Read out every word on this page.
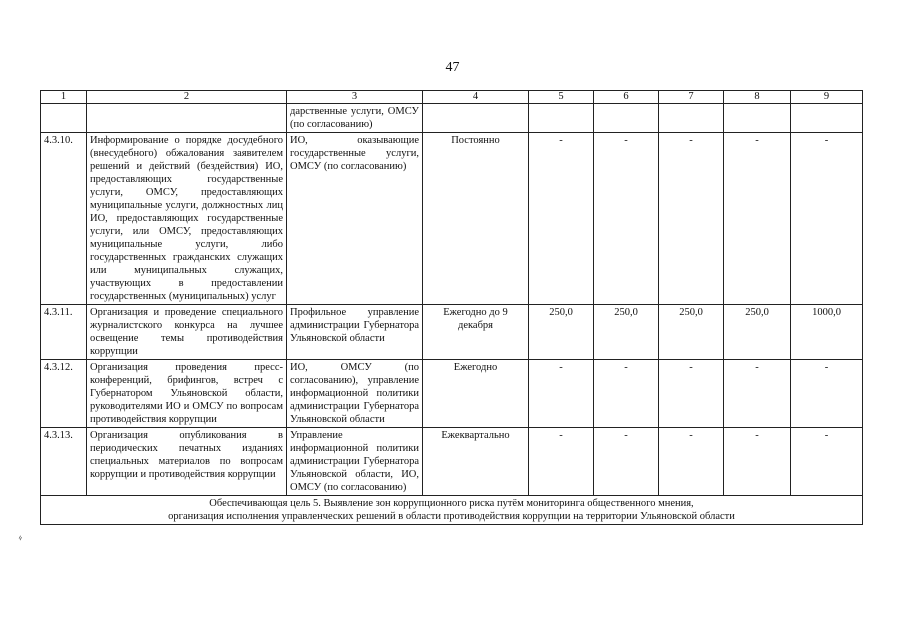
47
1	2	3	4	5	6	7	8	9
		дарственные услуги, ОМСУ (по согласованию)						
4.3.10.	Информирование о порядке досудебного (внесудебного) обжалования заявителем решений и действий (бездействия) ИО, предоставляющих государственные услуги, ОМСУ, предоставляющих муниципальные услуги, должностных лиц ИО, предоставляющих государственные услуги, или ОМСУ, предоставляющих муниципальные услуги, либо государственных гражданских служащих или муниципальных служащих, участвующих в предоставлении государственных (муниципальных) услуг	ИО, оказывающие государственные услуги, ОМСУ (по согласованию)	Постоянно	-	-	-	-	-
4.3.11.	Организация и проведение специального журналистского конкурса на лучшее освещение темы противодействия коррупции	Профильное управление администрации Губернатора Ульяновской области	Ежегодно до 9 декабря	250,0	250,0	250,0	250,0	1000,0
4.3.12.	Организация проведения пресс-конференций, брифингов, встреч с Губернатором Ульяновской области, руководителями ИО и ОМСУ по вопросам противодействия коррупции	ИО, ОМСУ (по согласованию), управление информационной политики администрации Губернатора Ульяновской области	Ежегодно	-	-	-	-	-
4.3.13.	Организация опубликования в периодических печатных изданиях специальных материалов по вопросам коррупции и противодействия коррупции	Управление информационной политики администрации Губернатора Ульяновской области, ИО, ОМСУ (по согласованию)	Ежеквартально	-	-	-	-	-

Обеспечивающая цель 5. Выявление зон коррупционного риска путём мониторинга общественного мнения,
организация исполнения управленческих решений в области противодействия коррупции на территории Ульяновской области								
⸗
